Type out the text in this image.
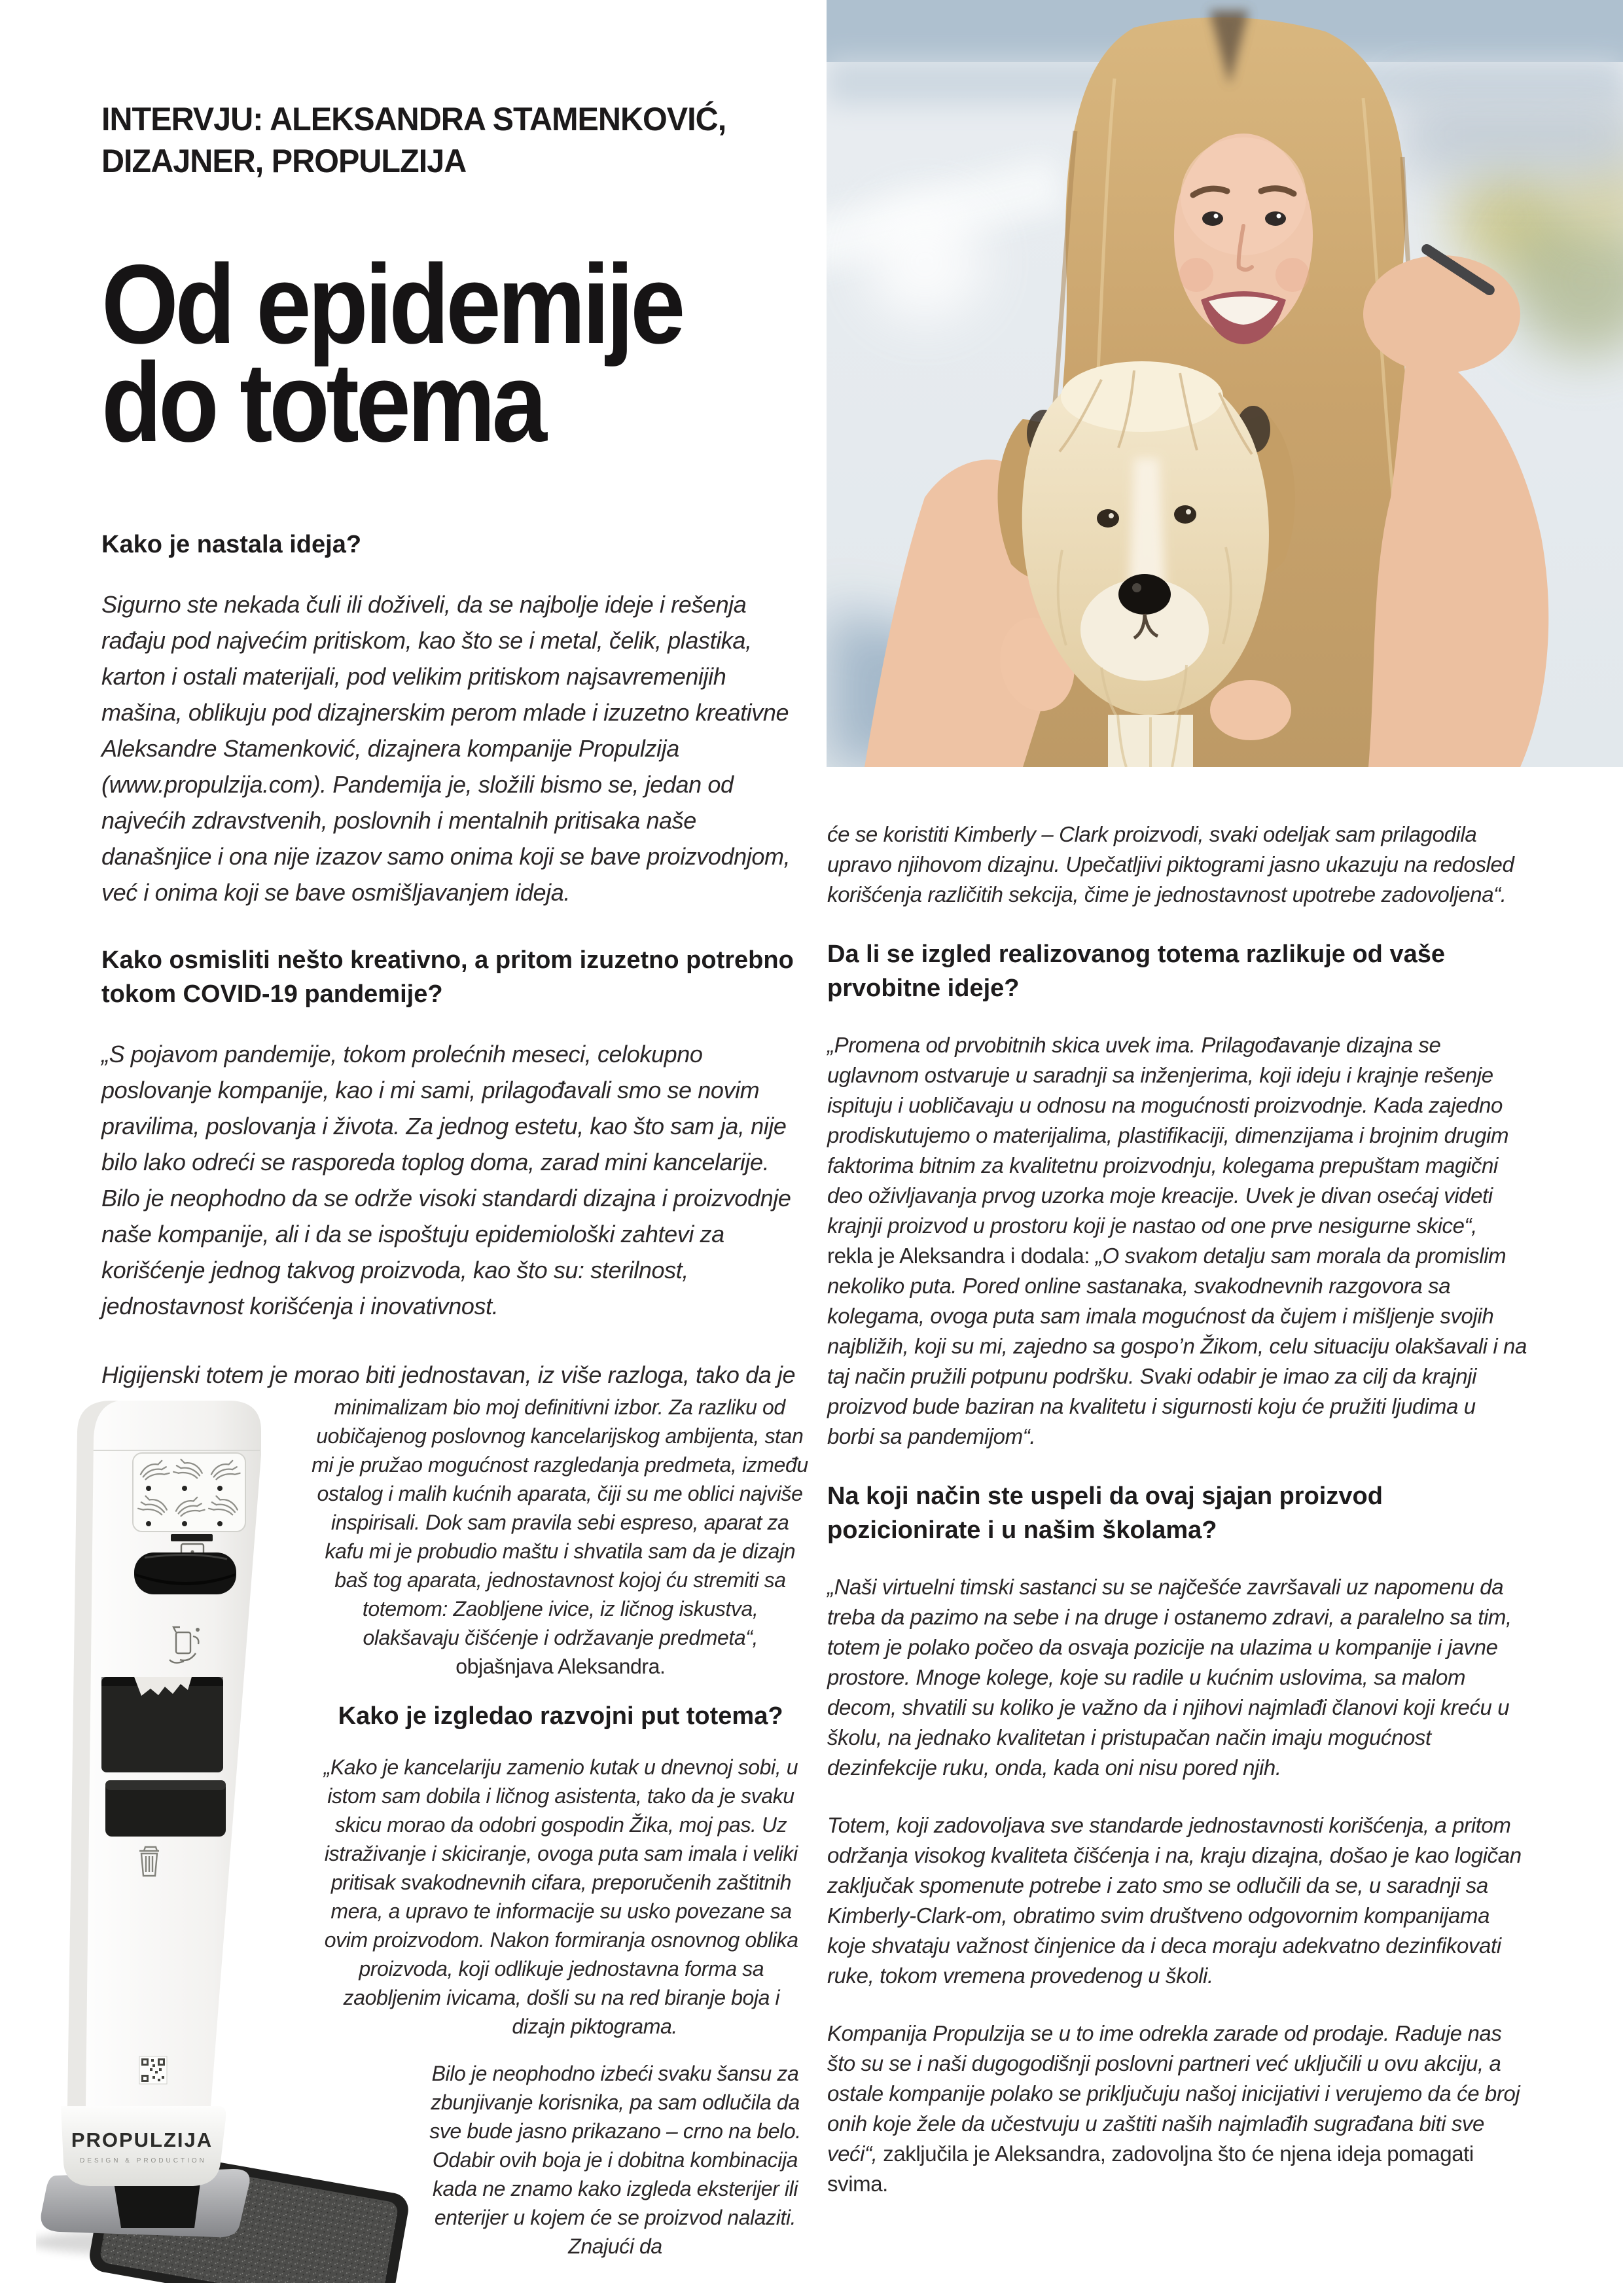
INTERVJU: ALEKSANDRA STAMENKOVIĆ,
DIZAJNER, PROPULZIJA
Od epidemije
do totema
Kako je nastala ideja?

Sigurno ste nekada čuli ili doživeli, da se najbolje ideje i rešenja rađaju pod najvećim pritiskom, kao što se i metal, čelik, plastika, karton i ostali materijali, pod velikim pritiskom najsavremenijih mašina, oblikuju pod dizajnerskim perom mlade i izuzetno kreativne Aleksandre Stamenković, dizajnera kompanije Propulzija (www.propulzija.com). Pandemija je, složili bismo se, jedan od najvećih zdravstvenih, poslovnih i mentalnih pritisaka naše današnjice i ona nije izazov samo onima koji se bave proizvodnjom, već i onima koji se bave osmišljavanjem ideja.

Kako osmisliti nešto kreativno, a pritom izuzetno potrebno tokom COVID-19 pandemije?

„S pojavom pandemije, tokom prolećnih meseci, celokupno poslovanje kompanije, kao i mi sami, prilagođavali smo se novim pravilima, poslovanja i života. Za jednog estetu, kao što sam ja, nije bilo lako odreći se rasporeda toplog doma, zarad mini kancelarije. Bilo je neophodno da se održe visoki standardi dizajna i proizvodnje naše kompanije, ali i da se ispoštuju epidemiološki zahtevi za korišćenje jednog takvog proizvoda, kao što su: sterilnost, jednostavnost korišćenja i inovativnost.

Higijenski totem je morao biti jednostavan, iz više razloga, tako da je

PROPULZIJA
DESIGN & PRODUCTION

minimalizam bio moj definitivni izbor. Za razliku od uobičajenog poslovnog kancelarijskog ambijenta, stan mi je pružao mogućnost razgledanja predmeta, između ostalog i malih kućnih aparata, čiji su me oblici najviše inspirisali. Dok sam pravila sebi espreso, aparat za kafu mi je probudio maštu i shvatila sam da je dizajn baš tog aparata, jednostavnost kojoj ću stremiti sa totemom: Zaobljene ivice, iz ličnog iskustva, olakšavaju čišćenje i održavanje predmeta“, objašnjava Aleksandra.

Kako je izgledao razvojni put totema?

„Kako je kancelariju zamenio kutak u dnevnoj sobi, u istom sam dobila i ličnog asistenta, tako da je svaku skicu morao da odobri gospodin Žika, moj pas. Uz istraživanje i skiciranje, ovoga puta sam imala i veliki pritisak svakodnevnih cifara, preporučenih zaštitnih mera, a upravo te informacije su usko povezane sa ovim proizvodom. Nakon formiranja osnovnog oblika proizvoda, koji odlikuje jednostavna forma sa zaobljenim ivicama, došli su na red biranje boja i dizajn piktograma.

Bilo je neophodno izbeći svaku šansu za zbunjivanje korisnika, pa sam odlučila da sve bude jasno prikazano – crno na belo. Odabir ovih boja je i dobitna kombinacija kada ne znamo kako izgleda eksterijer ili enterijer u kojem će se proizvod nalaziti. Znajući da

će se koristiti Kimberly – Clark proizvodi, svaki odeljak sam prilagodila upravo njihovom dizajnu. Upečatljivi piktogrami jasno ukazuju na redosled korišćenja različitih sekcija, čime je jednostavnost upotrebe zadovoljena“.

Da li se izgled realizovanog totema razlikuje od vaše prvobitne ideje?

„Promena od prvobitnih skica uvek ima. Prilagođavanje dizajna se uglavnom ostvaruje u saradnji sa inženjerima, koji ideju i krajnje rešenje ispituju i uobličavaju u odnosu na mogućnosti proizvodnje. Kada zajedno prodiskutujemo o materijalima, plastifikaciji, dimenzijama i brojnim drugim faktorima bitnim za kvalitetnu proizvodnju, kolegama prepuštam magični deo oživljavanja prvog uzorka moje kreacije. Uvek je divan osećaj videti krajnji proizvod u prostoru koji je nastao od one prve nesigurne skice“, rekla je Aleksandra i dodala: „O svakom detalju sam morala da promislim nekoliko puta. Pored online sastanaka, svakodnevnih razgovora sa kolegama, ovoga puta sam imala mogućnost da čujem i mišljenje svojih najbližih, koji su mi, zajedno sa gospo’n Žikom, celu situaciju olakšavali i na taj način pružili potpunu podršku. Svaki odabir je imao za cilj da krajnji proizvod bude baziran na kvalitetu i sigurnosti koju će pružiti ljudima u borbi sa pandemijom“.

Na koji način ste uspeli da ovaj sjajan proizvod pozicionirate i u našim školama?

„Naši virtuelni timski sastanci su se najčešće završavali uz napomenu da treba da pazimo na sebe i na druge i ostanemo zdravi, a paralelno sa tim, totem je polako počeo da osvaja pozicije na ulazima u kompanije i javne prostore. Mnoge kolege, koje su radile u kućnim uslovima, sa malom decom, shvatili su koliko je važno da i njihovi najmlađi članovi koji kreću u školu, na jednako kvalitetan i pristupačan način imaju mogućnost dezinfekcije ruku, onda, kada oni nisu pored njih.

Totem, koji zadovoljava sve standarde jednostavnosti korišćenja, a pritom održanja visokog kvaliteta čišćenja i na, kraju dizajna, došao je kao logičan zaključak spomenute potrebe i zato smo se odlučili da se, u saradnji sa Kimberly-Clark-om, obratimo svim društveno odgovornim kompanijama koje shvataju važnost činjenice da i deca moraju adekvatno dezinfikovati ruke, tokom vremena provedenog u školi.

Kompanija Propulzija se u to ime odrekla zarade od prodaje. Raduje nas što su se i naši dugogodišnji poslovni partneri već uključili u ovu akciju, a ostale kompanije polako se priključuju našoj inicijativi i verujemo da će broj onih koje žele da učestvuju u zaštiti naših najmlađih sugrađana biti sve veći“, zaključila je Aleksandra, zadovoljna što će njena ideja pomagati svima.
